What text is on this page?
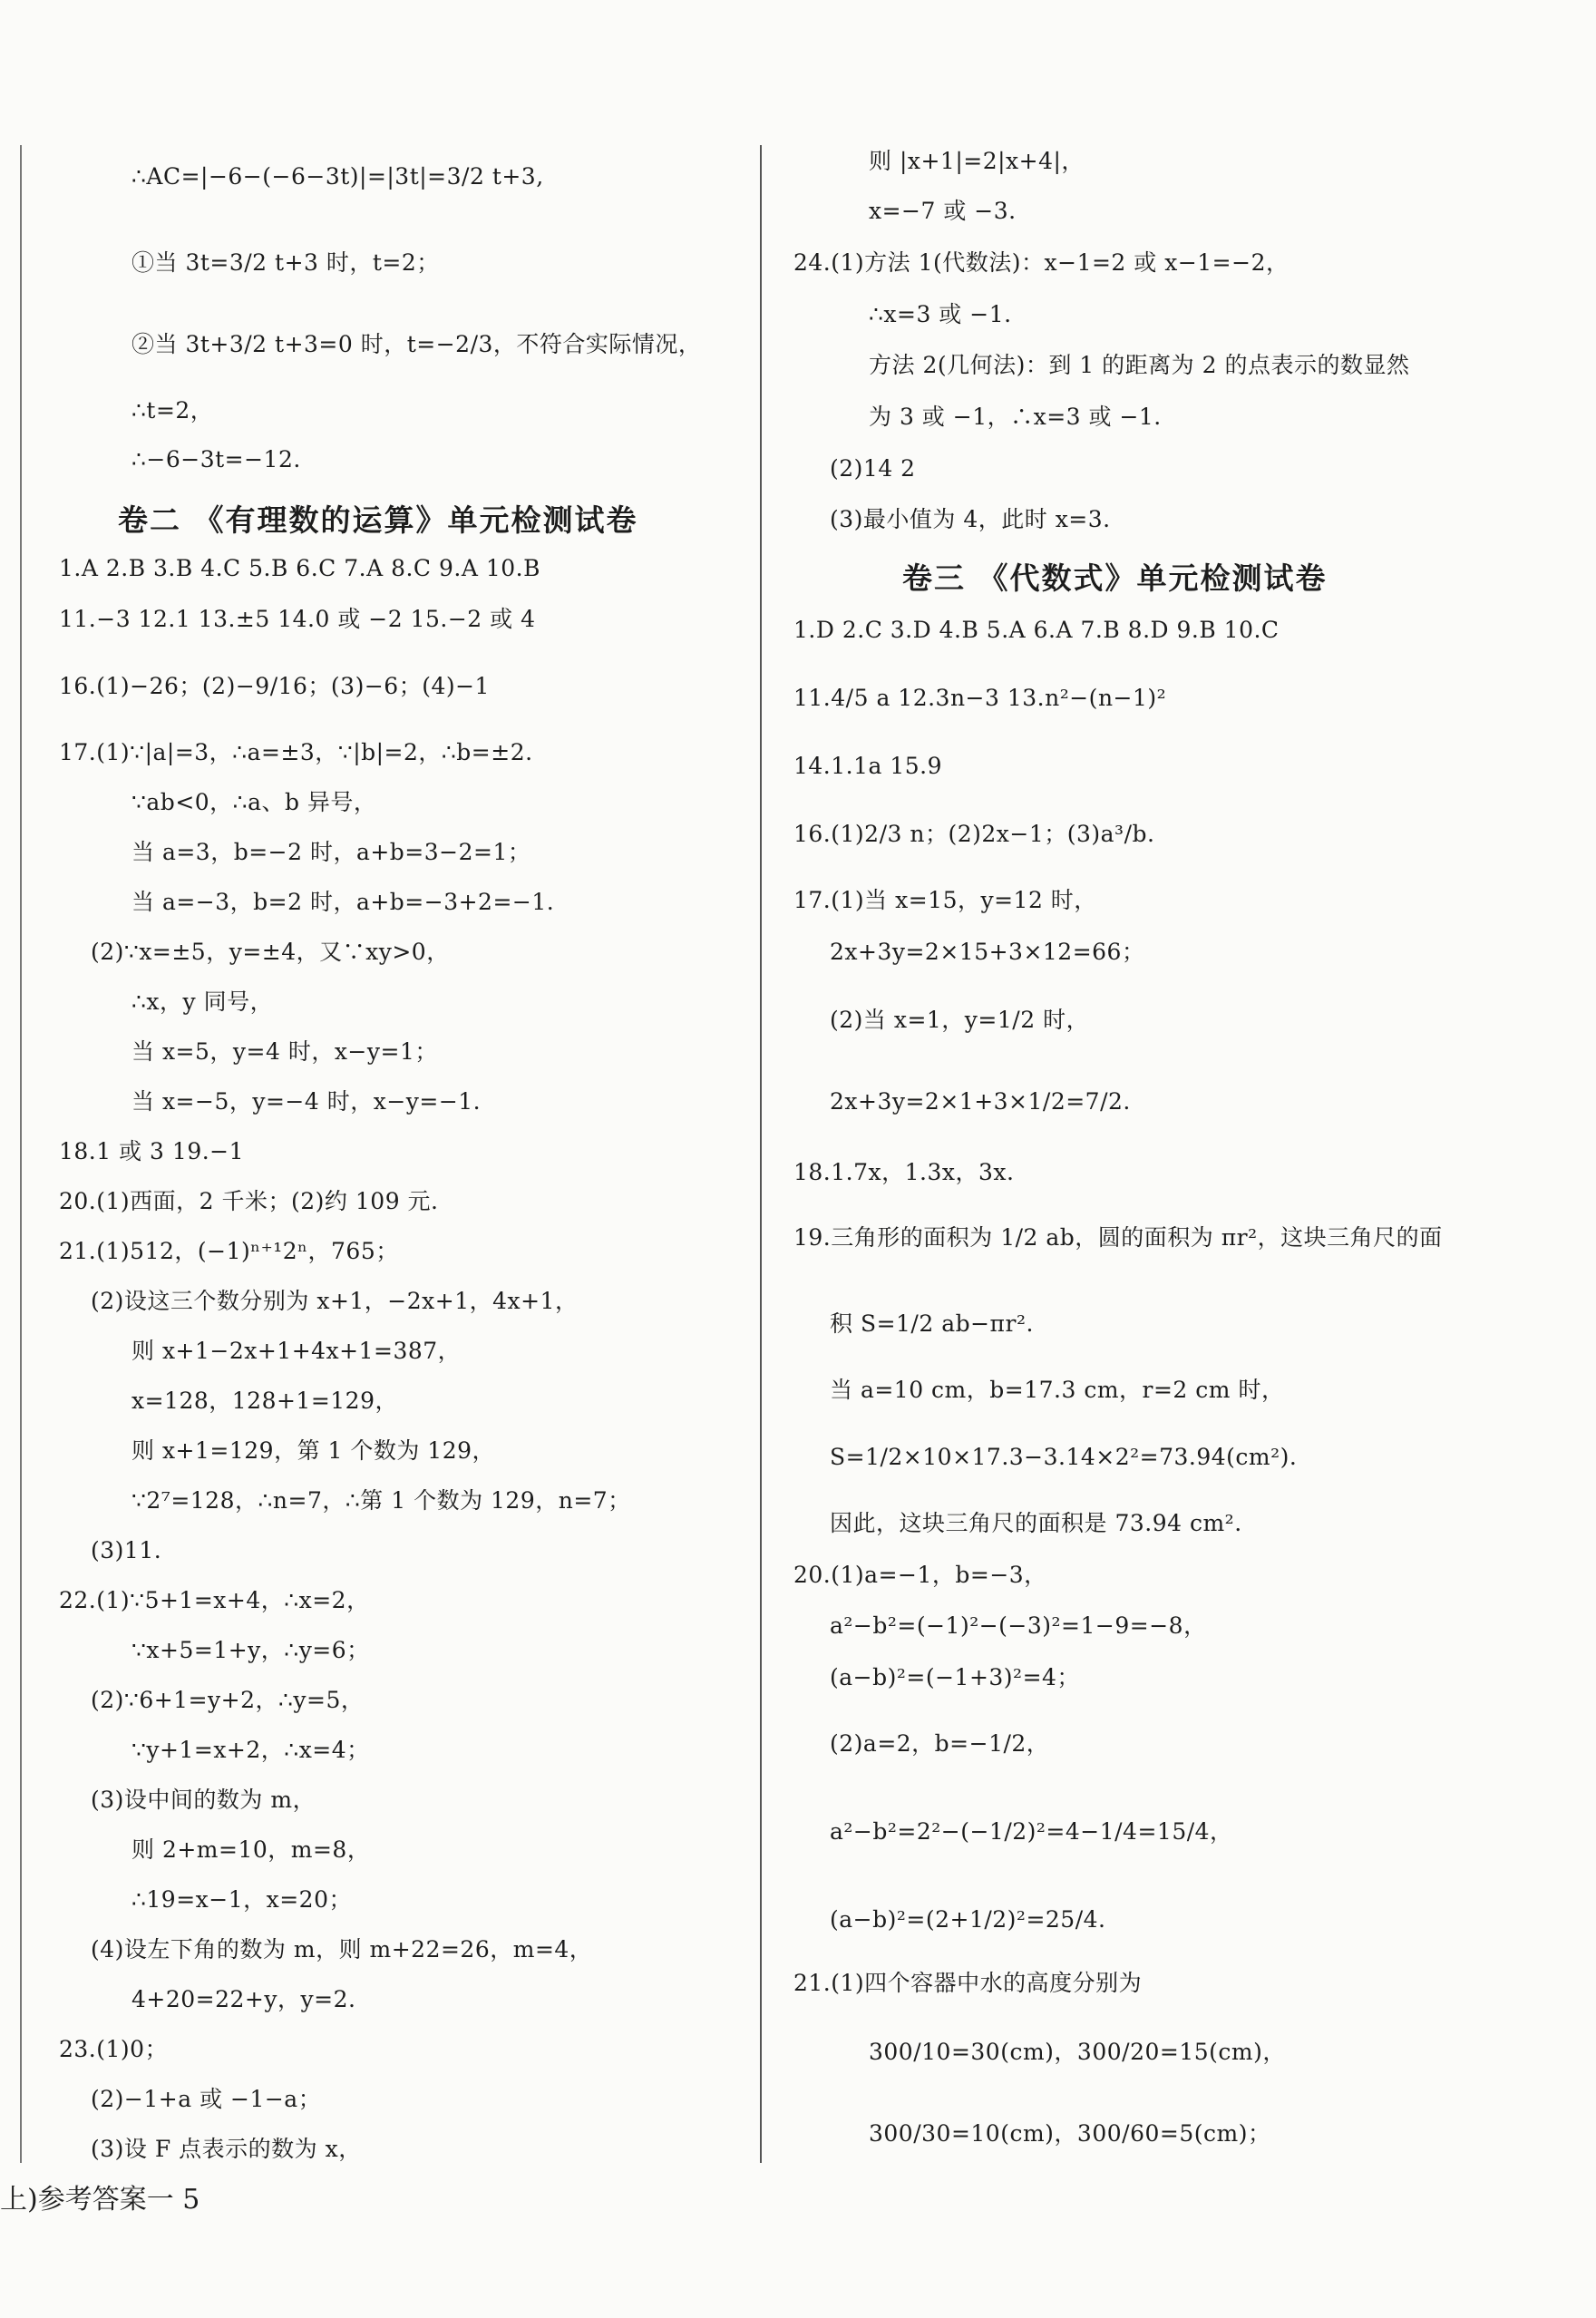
∴AC=|−6−(−6−3t)|=|3t|=3/2 t+3,
①当 3t=3/2 t+3 时，t=2；
②当 3t+3/2 t+3=0 时，t=−2/3，不符合实际情况，
∴t=2，
∴−6−3t=−12.
卷二 《有理数的运算》单元检测试卷
1.A 2.B 3.B 4.C 5.B 6.C 7.A 8.C 9.A 10.B
11.−3 12.1 13.±5 14.0 或 −2 15.−2 或 4
16.(1)−26；(2)−9/16；(3)−6；(4)−1
17.(1)∵|a|=3，∴a=±3，∵|b|=2，∴b=±2.
∵ab<0，∴a、b 异号，
当 a=3，b=−2 时，a+b=3−2=1；
当 a=−3，b=2 时，a+b=−3+2=−1.
(2)∵x=±5，y=±4，又∵xy>0，
∴x，y 同号，
当 x=5，y=4 时，x−y=1；
当 x=−5，y=−4 时，x−y=−1.
18.1 或 3 19.−1
20.(1)西面，2 千米；(2)约 109 元.
21.(1)512，(−1)ⁿ⁺¹2ⁿ，765；
(2)设这三个数分别为 x+1，−2x+1，4x+1，
则 x+1−2x+1+4x+1=387，
x=128，128+1=129，
则 x+1=129，第 1 个数为 129，
∵2⁷=128，∴n=7，∴第 1 个数为 129，n=7；
(3)11.
22.(1)∵5+1=x+4，∴x=2，
∵x+5=1+y，∴y=6；
(2)∵6+1=y+2，∴y=5，
∵y+1=x+2，∴x=4；
(3)设中间的数为 m，
则 2+m=10，m=8，
∴19=x−1，x=20；
(4)设左下角的数为 m，则 m+22=26，m=4，
4+20=22+y，y=2.
23.(1)0；
(2)−1+a 或 −1−a；
(3)设 F 点表示的数为 x，
则 |x+1|=2|x+4|，
x=−7 或 −3.
24.(1)方法 1(代数法)：x−1=2 或 x−1=−2，
∴x=3 或 −1.
方法 2(几何法)：到 1 的距离为 2 的点表示的数显然
为 3 或 −1，∴x=3 或 −1.
(2)14 2
(3)最小值为 4，此时 x=3.
卷三 《代数式》单元检测试卷
1.D 2.C 3.D 4.B 5.A 6.A 7.B 8.D 9.B 10.C
11.4/5 a 12.3n−3 13.n²−(n−1)²
14.1.1a 15.9
16.(1)2/3 n；(2)2x−1；(3)a³/b.
17.(1)当 x=15，y=12 时，
2x+3y=2×15+3×12=66；
(2)当 x=1，y=1/2 时，
2x+3y=2×1+3×1/2=7/2.
18.1.7x，1.3x，3x.
19.三角形的面积为 1/2 ab，圆的面积为 πr²，这块三角尺的面
积 S=1/2 ab−πr².
当 a=10 cm，b=17.3 cm，r=2 cm 时，
S=1/2×10×17.3−3.14×2²=73.94(cm²).
因此，这块三角尺的面积是 73.94 cm².
20.(1)a=−1，b=−3，
a²−b²=(−1)²−(−3)²=1−9=−8，
(a−b)²=(−1+3)²=4；
(2)a=2，b=−1/2，
a²−b²=2²−(−1/2)²=4−1/4=15/4，
(a−b)²=(2+1/2)²=25/4.
21.(1)四个容器中水的高度分别为
300/10=30(cm)，300/20=15(cm)，
300/30=10(cm)，300/60=5(cm)；
上)参考答案一 5
